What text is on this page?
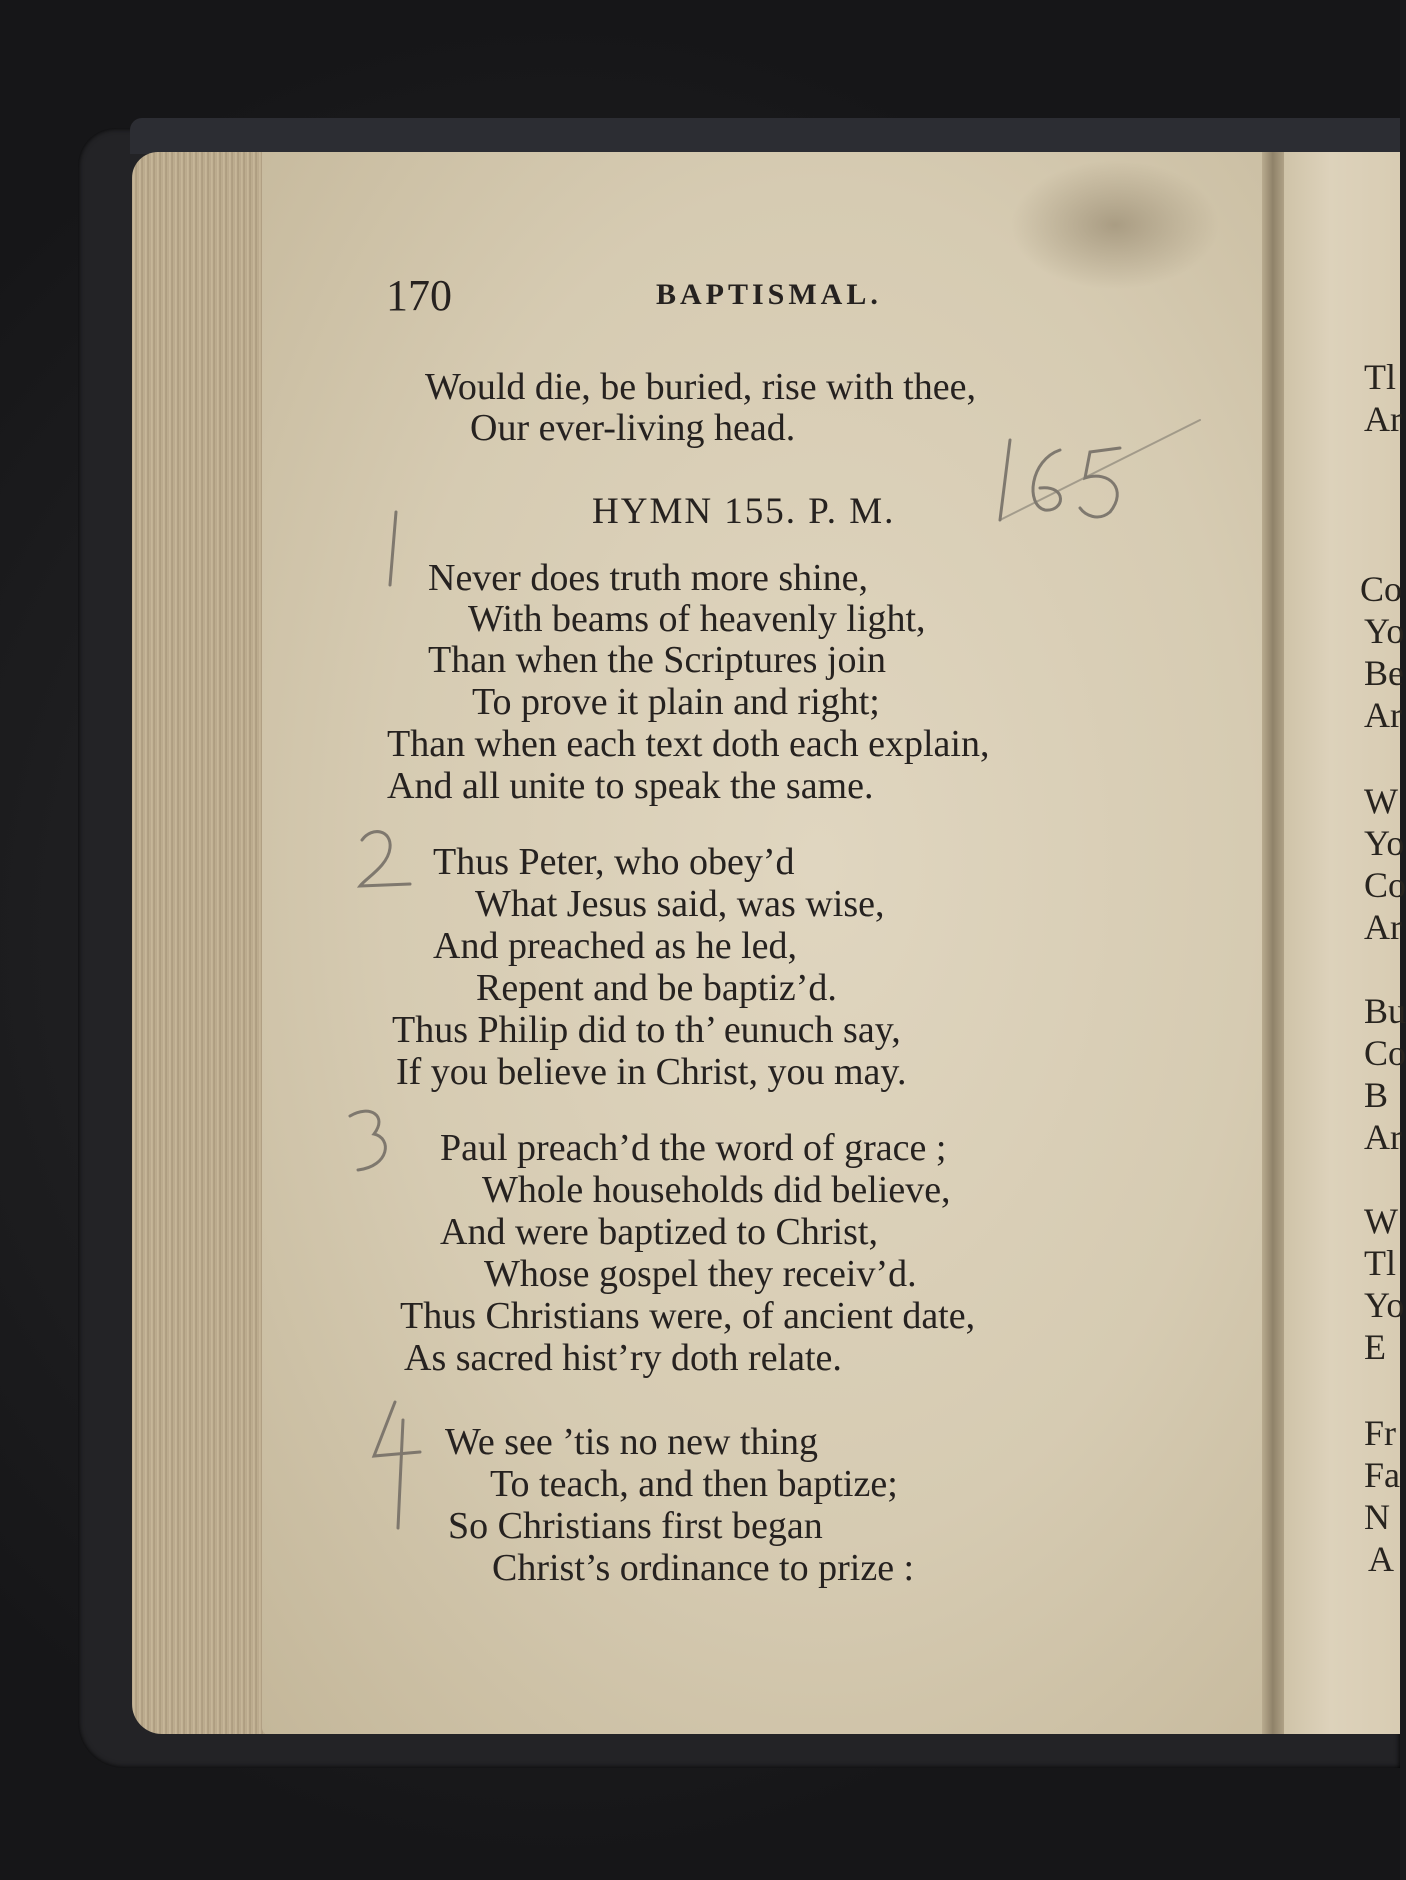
170	BAPTISMAL.
Would die, be buried, rise with thee,
Our ever-living head.
HYMN 155. P. M.
Never does truth more shine,
With beams of heavenly light,
Than when the Scriptures join
To prove it plain and right;
Than when each text doth each explain,
And all unite to speak the same.
Thus Peter, who obey’d
What Jesus said, was wise,
And preached as he led,
Repent and be baptiz’d.
Thus Philip did to th’ eunuch say,
If you believe in Christ, you may.
Paul preach’d the word of grace ;
Whole households did believe,
And were baptized to Christ,
Whose gospel they receiv’d.
Thus Christians were, of ancient date,
As sacred hist’ry doth relate.
We see ’tis no new thing
To teach, and then baptize;
So Christians first began
Christ’s ordinance to prize :
Tl
Ar
Co
Yo
Be
Ar
W
Yo
Co
Ar
Bu
Co
B
Ar
W
Tl
Yo
E
Fr
Fa
N
A
